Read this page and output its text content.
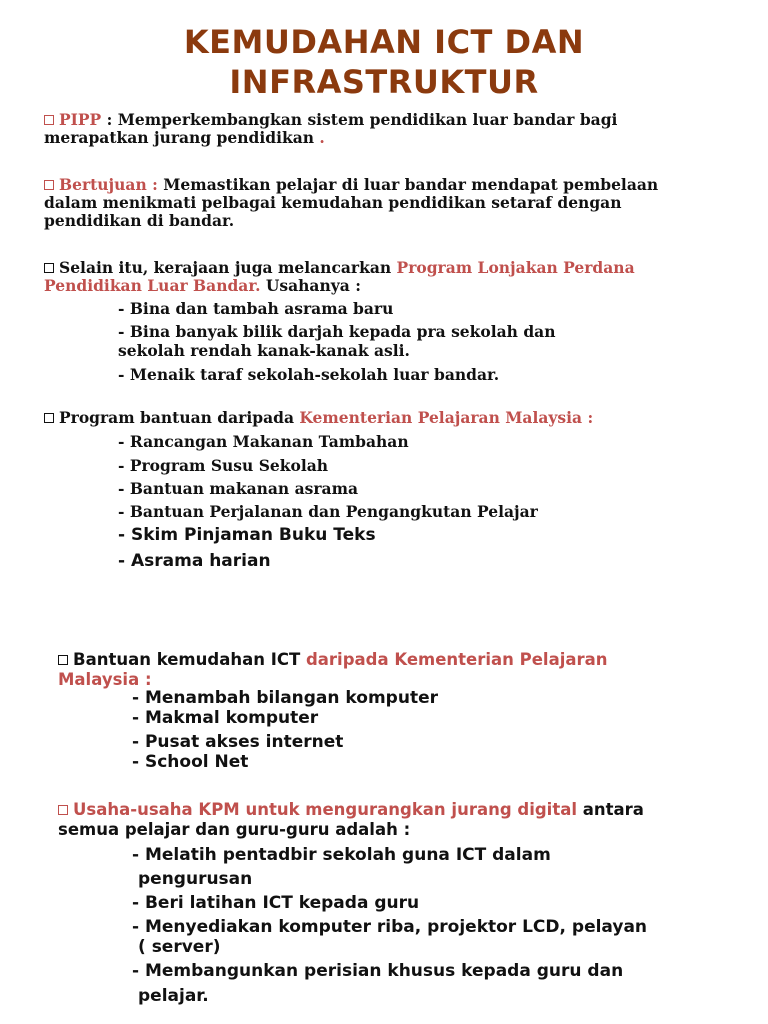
KEMUDAHAN ICT DAN
INFRASTRUKTUR
PIPP : Memperkembangkan sistem pendidikan luar bandar bagi
merapatkan jurang pendidikan .
Bertujuan : Memastikan pelajar di luar bandar mendapat pembelaan
dalam menikmati pelbagai kemudahan pendidikan setaraf dengan
pendidikan di bandar.
Selain itu, kerajaan juga melancarkan Program Lonjakan Perdana
Pendidikan Luar Bandar. Usahanya :
- Bina dan tambah asrama baru
- Bina banyak bilik darjah kepada pra sekolah dan
sekolah rendah kanak-kanak asli.
- Menaik taraf sekolah-sekolah luar bandar.
Program bantuan daripada Kementerian Pelajaran Malaysia :
- Rancangan Makanan Tambahan
- Program Susu Sekolah
- Bantuan makanan asrama
- Bantuan Perjalanan dan Pengangkutan Pelajar
- Skim Pinjaman Buku Teks
- Asrama harian
Bantuan kemudahan ICT daripada Kementerian Pelajaran
Malaysia :
- Menambah bilangan komputer
- Makmal komputer
- Pusat akses internet
- School Net
Usaha-usaha KPM untuk mengurangkan jurang digital antara
semua pelajar dan guru-guru adalah :
- Melatih pentadbir sekolah guna ICT dalam
pengurusan
- Beri latihan ICT kepada guru
- Menyediakan komputer riba, projektor LCD, pelayan
( server)
- Membangunkan perisian khusus kepada guru dan
pelajar.
